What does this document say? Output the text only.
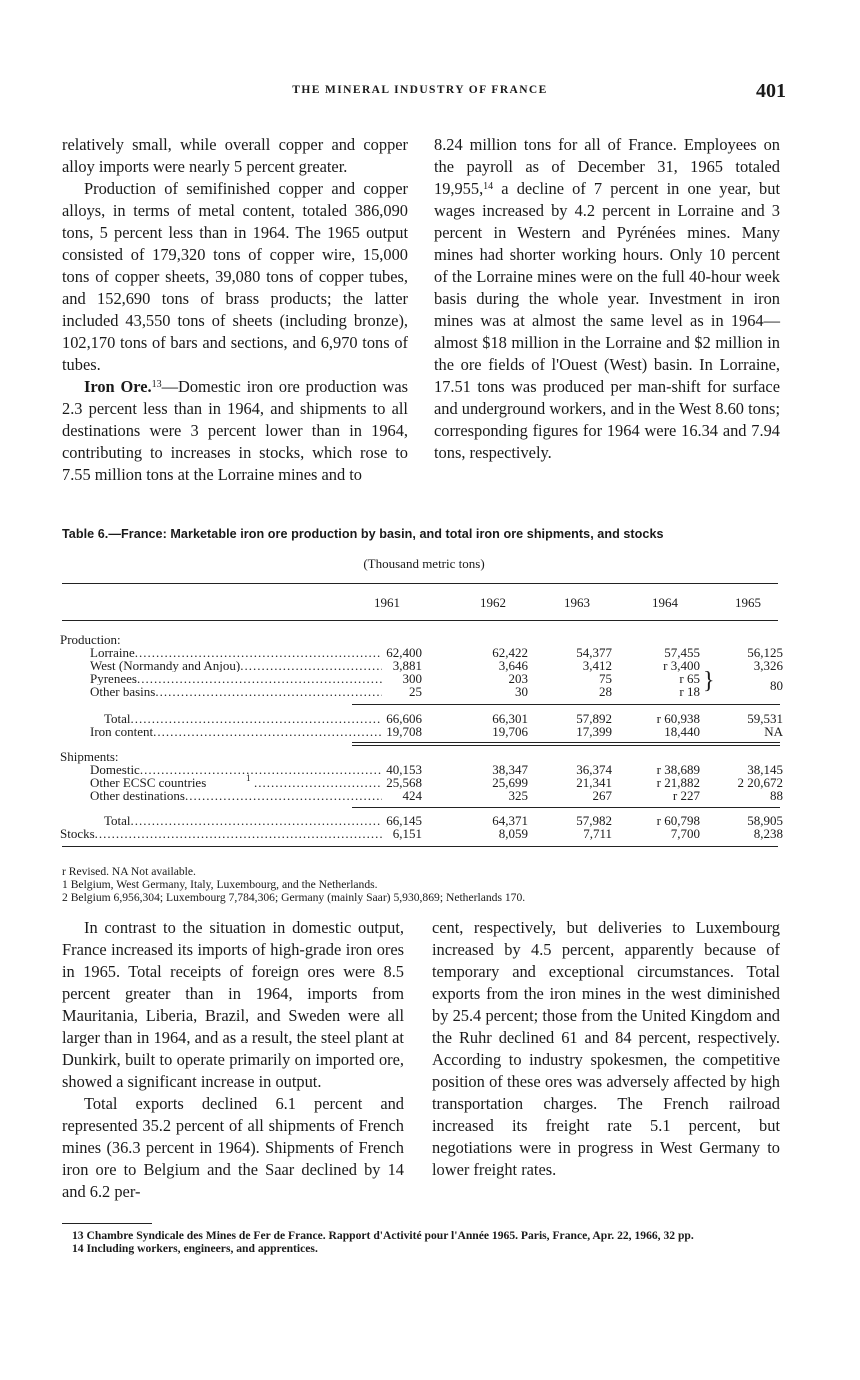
THE MINERAL INDUSTRY OF FRANCE	401

relatively small, while overall copper and copper alloy imports were nearly 5 percent greater.

Production of semifinished copper and copper alloys, in terms of metal content, totaled 386,090 tons, 5 percent less than in 1964. The 1965 output consisted of 179,320 tons of copper wire, 15,000 tons of copper sheets, 39,080 tons of copper tubes, and 152,690 tons of brass products; the latter included 43,550 tons of sheets (including bronze), 102,170 tons of bars and sections, and 6,970 tons of tubes.

Iron Ore.$^{13}$—Domestic iron ore production was 2.3 percent less than in 1964, and shipments to all destinations were 3 percent lower than in 1964, contributing to increases in stocks, which rose to 7.55 million tons at the Lorraine mines and to

8.24 million tons for all of France. Employees on the payroll as of December 31, 1965 totaled 19,955,14 a decline of 7 percent in one year, but wages increased by 4.2 percent in Lorraine and 3 percent in Western and Pyrénées mines. Many mines had shorter working hours. Only 10 percent of the Lorraine mines were on the full 40-hour week basis during the whole year. Investment in iron mines was at almost the same level as in 1964—almost $18 million in the Lorraine and $2 million in the ore fields of l'Ouest (West) basin. In Lorraine, 17.51 tons was produced per man-shift for surface and underground workers, and in the West 8.60 tons; corresponding figures for 1964 were 16.34 and 7.94 tons, respectively.

Table 6.—France: Marketable iron ore production by basin, and total iron ore shipments, and stocks
(Thousand metric tons)
1961	1962	1963	1964	1965
Production:
Lorraine .....	62,400	62,422	54,377	57,455	56,125
West (Normandy and Anjou) .....	3,881	3,646	3,412	r 3,400	3,326
Pyrenees .....	300	203	75	r 65
Other basins .....	25	30	28	r 18 }	80
Total .....	66,606	66,301	57,892	r 60,938	59,531
Iron content .....	19,708	19,706	17,399	18,440	NA
Shipments:
Domestic .....	40,153	38,347	36,374	r 38,689	38,145
Other ECSC countries	1 .....	25,568	25,699	21,341	r 21,882	2 20,672
Other destinations .....	424	325	267	r 227	88
Total .....	66,145	64,371	57,982	r 60,798	58,905
Stocks .....	6,151	8,059	7,711	7,700	8,238
r Revised. NA Not available.
1 Belgium, West Germany, Italy, Luxembourg, and the Netherlands.
2 Belgium 6,956,304; Luxembourg 7,784,306; Germany (mainly Saar) 5,930,869; Netherlands 170.

In contrast to the situation in domestic output, France increased its imports of high-grade iron ores in 1965. Total receipts of foreign ores were 8.5 percent greater than in 1964, imports from Mauritania, Liberia, Brazil, and Sweden were all larger than in 1964, and as a result, the steel plant at Dunkirk, built to operate primarily on imported ore, showed a significant increase in output.

Total exports declined 6.1 percent and represented 35.2 percent of all shipments of French mines (36.3 percent in 1964). Shipments of French iron ore to Belgium and the Saar declined by 14 and 6.2 per-

cent, respectively, but deliveries to Luxembourg increased by 4.5 percent, apparently because of temporary and exceptional circumstances. Total exports from the iron mines in the west diminished by 25.4 percent; those from the United Kingdom and the Ruhr declined 61 and 84 percent, respectively. According to industry spokesmen, the competitive position of these ores was adversely affected by high transportation charges. The French railroad increased its freight rate 5.1 percent, but negotiations were in progress in West Germany to lower freight rates.

13 Chambre Syndicale des Mines de Fer de France. Rapport d'Activité pour l'Année 1965. Paris, France, Apr. 22, 1966, 32 pp.

14 Including workers, engineers, and apprentices.
